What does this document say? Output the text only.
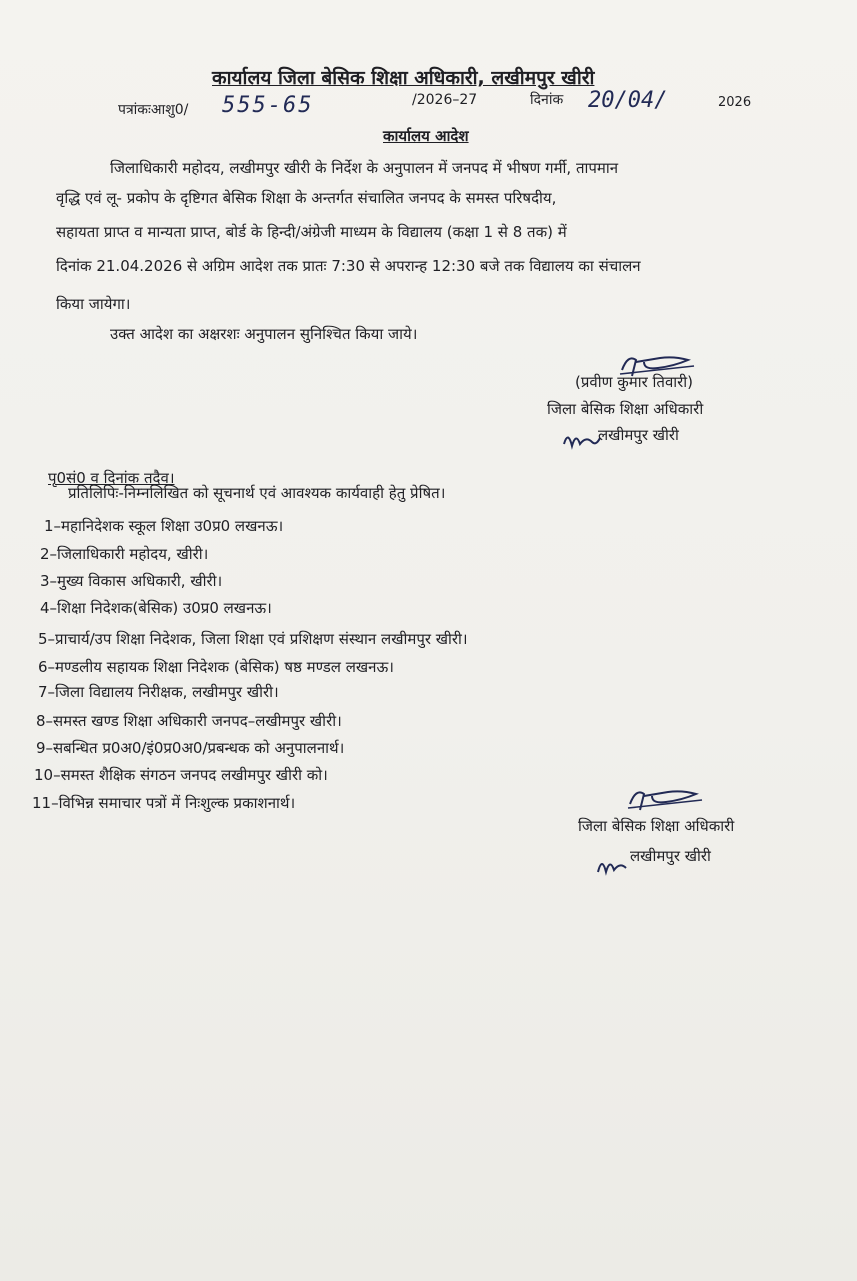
कार्यालय जिला बेसिक शिक्षा अधिकारी, लखीमपुर खीरी
पत्रांकःआशु0/ 555-65	/2026–27	दिनांक 20/04/	2026
कार्यालय आदेश
जिलाधिकारी महोदय, लखीमपुर खीरी के निर्देश के अनुपालन में जनपद में भीषण गर्मी, तापमान
वृद्धि एवं लू- प्रकोप के दृष्टिगत बेसिक शिक्षा के अन्तर्गत संचालित जनपद के समस्त परिषदीय,
सहायता प्राप्त व मान्यता प्राप्त, बोर्ड के हिन्दी/अंग्रेजी माध्यम के विद्यालय (कक्षा 1 से 8 तक) में
दिनांक 21.04.2026 से अग्रिम आदेश तक प्रातः 7:30 से अपरान्ह 12:30 बजे तक विद्यालय का संचालन
किया जायेगा।
उक्त आदेश का अक्षरशः अनुपालन सुनिश्चित किया जाये।
(प्रवीण कुमार तिवारी)
जिला बेसिक शिक्षा अधिकारी
लखीमपुर खीरी
पृ0सं0 व दिनांक तदैव।
प्रतिलिपिः-निम्नलिखित को सूचनार्थ एवं आवश्यक कार्यवाही हेतु प्रेषित।
1–महानिदेशक स्कूल शिक्षा उ0प्र0 लखनऊ।
2–जिलाधिकारी महोदय, खीरी।
3–मुख्य विकास अधिकारी, खीरी।
4–शिक्षा निदेशक(बेसिक) उ0प्र0 लखनऊ।
5–प्राचार्य/उप शिक्षा निदेशक, जिला शिक्षा एवं प्रशिक्षण संस्थान लखीमपुर खीरी।
6–मण्डलीय सहायक शिक्षा निदेशक (बेसिक) षष्ठ मण्डल लखनऊ।
7–जिला विद्यालय निरीक्षक, लखीमपुर खीरी।
8–समस्त खण्ड शिक्षा अधिकारी जनपद–लखीमपुर खीरी।
9–सबन्धित प्र0अ0/इं0प्र0अ0/प्रबन्धक को अनुपालनार्थ।
10–समस्त शैक्षिक संगठन जनपद लखीमपुर खीरी को।
11–विभिन्न समाचार पत्रों में निःशुल्क प्रकाशनार्थ।
जिला बेसिक शिक्षा अधिकारी
लखीमपुर खीरी
